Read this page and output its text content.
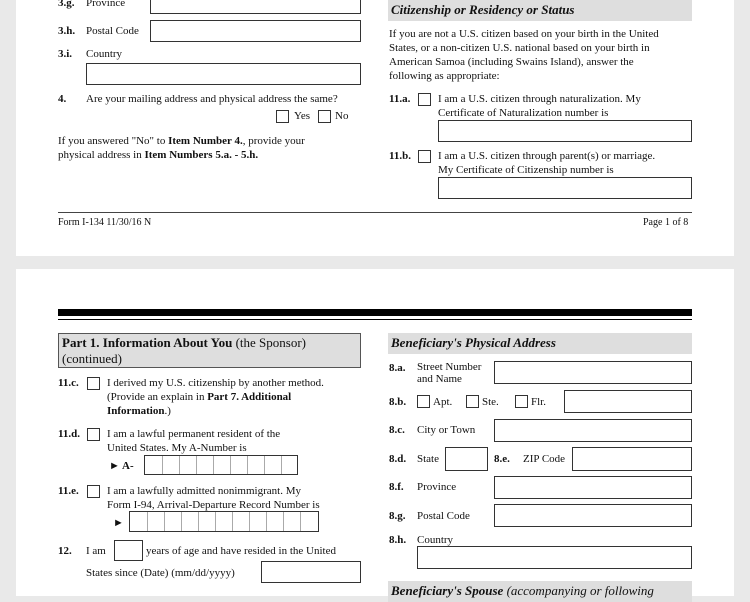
3.g. Province
3.h. Postal Code
3.i. Country
4. Are your mailing address and physical address the same?
Yes No
If you answered "No" to Item Number 4., provide your
physical address in Item Numbers 5.a. - 5.h.
Citizenship or Residency or Status
If you are not a U.S. citizen based on your birth in the United
States, or a non-citizen U.S. national based on your birth in
American Samoa (including Swains Island), answer the
following as appropriate:
11.a.	I am a U.S. citizen through naturalization. My
Certificate of Naturalization number is
11.b. I am a U.S. citizen through parent(s) or marriage.
My Certificate of Citizenship number is
Form I-134 11/30/16 N	Page 1 of 8
Part 1. Information About You (the Sponsor)
(continued)
11.c.	I derived my U.S. citizenship by another method.
(Provide an explain in Part 7. Additional
Information.)
11.d. I am a lawful permanent resident of the
United States. My A-Number is
► A-
11.e.	I am a lawfully admitted nonimmigrant. My
Form I-94, Arrival-Departure Record Number is
►
12. I am	years of age and have resided in the United
States since (Date) (mm/dd/yyyy)
Beneficiary's Physical Address
8.a. Street Number
and Name
8.b. Apt.	Ste.	Flr.
8.c. City or Town
8.d. State	8.e. ZIP Code
8.f. Province
8.g. Postal Code
8.h. Country
Beneficiary's Spouse (accompanying or following
